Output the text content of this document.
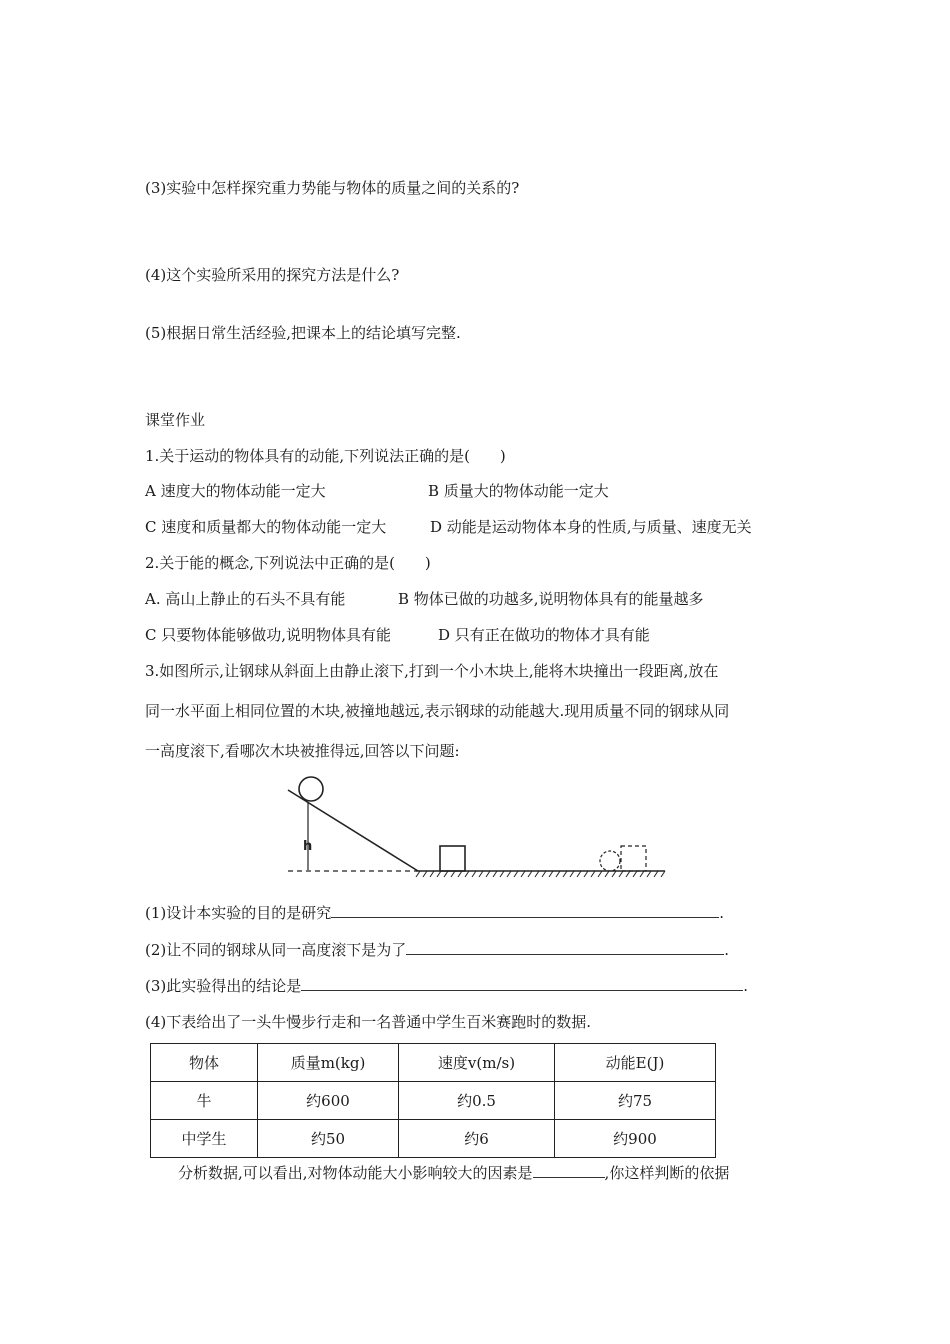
(3)实验中怎样探究重力势能与物体的质量之间的关系的?
(4)这个实验所采用的探究方法是什么?
(5)根据日常生活经验,把课本上的结论填写完整.
课堂作业
1.关于运动的物体具有的动能,下列说法正确的是(　　)
A 速度大的物体动能一定大	B 质量大的物体动能一定大
C 速度和质量都大的物体动能一定大	D 动能是运动物体本身的性质,与质量、速度无关
2.关于能的概念,下列说法中正确的是(　　)
A. 高山上静止的石头不具有能	B 物体已做的功越多,说明物体具有的能量越多
C 只要物体能够做功,说明物体具有能	D 只有正在做功的物体才具有能
3.如图所示,让钢球从斜面上由静止滚下,打到一个小木块上,能将木块撞出一段距离,放在
同一水平面上相同位置的木块,被撞地越远,表示钢球的动能越大.现用质量不同的钢球从同
一高度滚下,看哪次木块被推得远,回答以下问题:
h
(1)设计本实验的目的是研究	.
(2)让不同的钢球从同一高度滚下是为了	.
(3)此实验得出的结论是	.
(4)下表给出了一头牛慢步行走和一名普通中学生百米赛跑时的数据.
物体	质量m(kg)	速度v(m/s)	动能E(J)
牛	约600	约0.5	约75
中学生	约50	约6	约900
分析数据,可以看出,对物体动能大小影响较大的因素是	,你这样判断的依据
